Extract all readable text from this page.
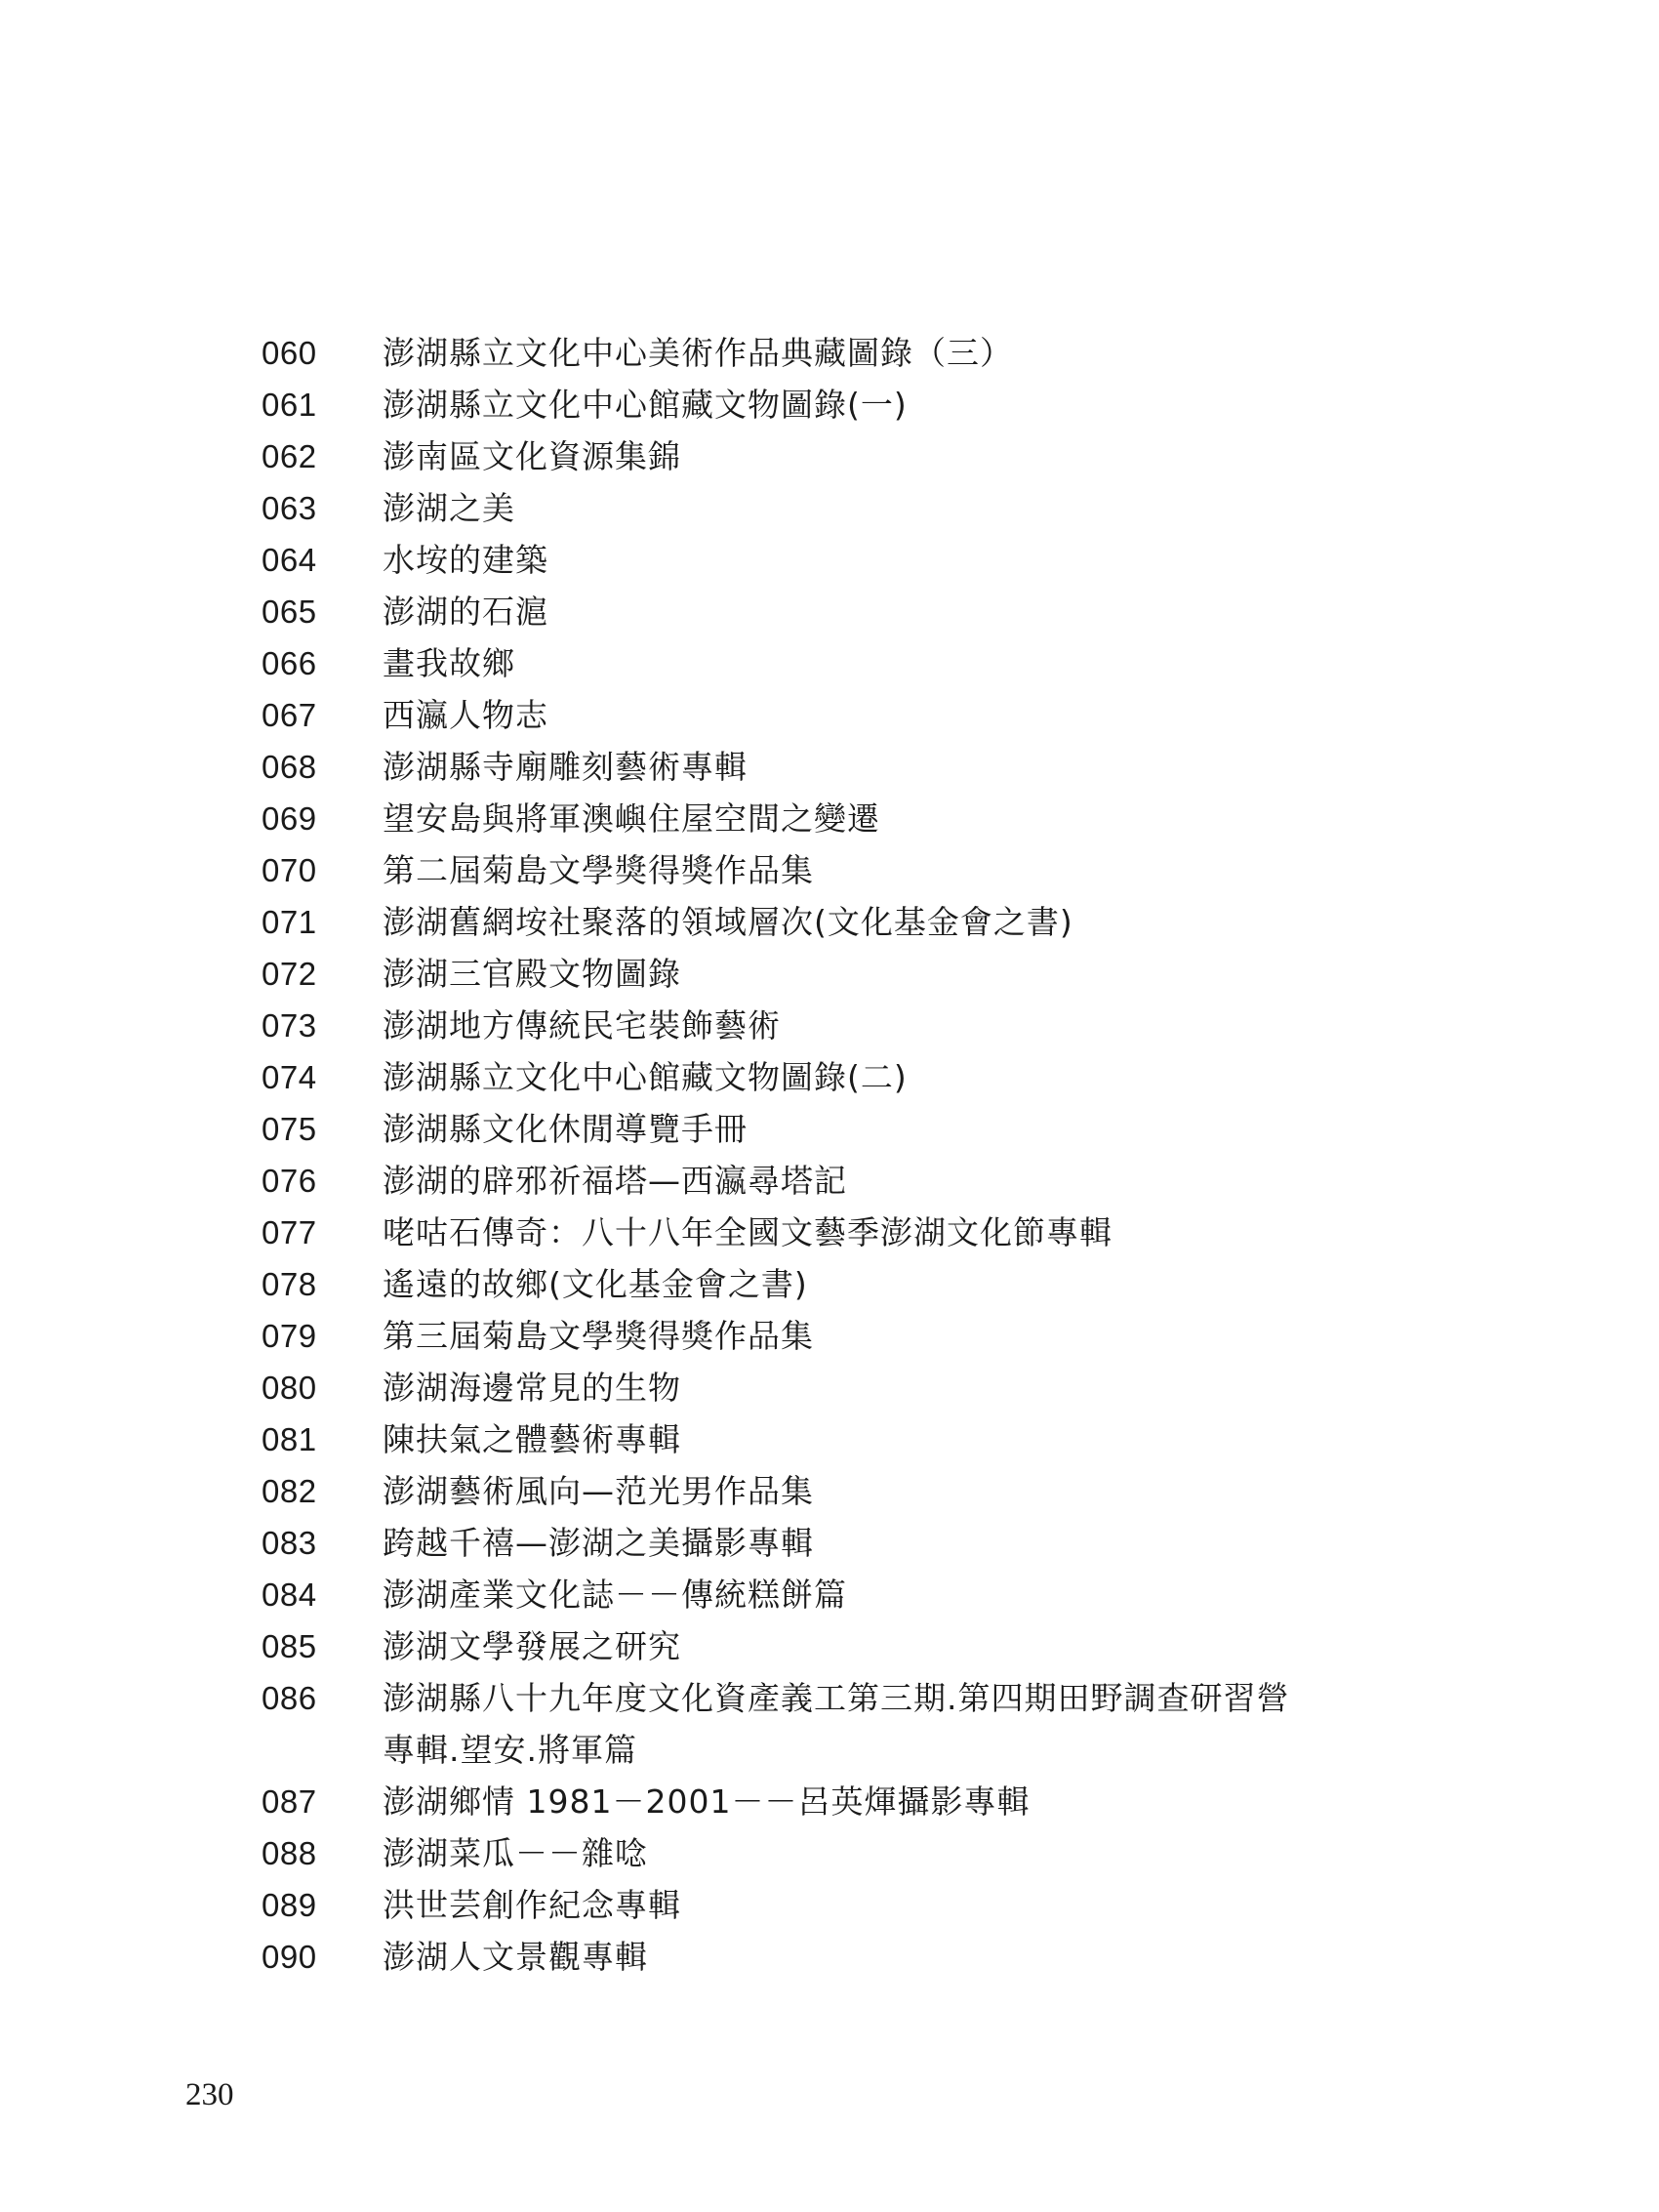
060	澎湖縣立文化中心美術作品典藏圖錄（三）
061	澎湖縣立文化中心館藏文物圖錄(一)
062	澎南區文化資源集錦
063	澎湖之美
064	水垵的建築
065	澎湖的石滬
066	畫我故鄉
067	西瀛人物志
068	澎湖縣寺廟雕刻藝術專輯
069	望安島與將軍澳嶼住屋空間之變遷
070	第二屆菊島文學獎得獎作品集
071	澎湖舊網垵社聚落的領域層次(文化基金會之書)
072	澎湖三官殿文物圖錄
073	澎湖地方傳統民宅裝飾藝術
074	澎湖縣立文化中心館藏文物圖錄(二)
075	澎湖縣文化休閒導覽手冊
076	澎湖的辟邪祈福塔—西瀛尋塔記
077	咾咕石傳奇：八十八年全國文藝季澎湖文化節專輯
078	遙遠的故鄉(文化基金會之書)
079	第三屆菊島文學獎得獎作品集
080	澎湖海邊常見的生物
081	陳扶氣之體藝術專輯
082	澎湖藝術風向—范光男作品集
083	跨越千禧—澎湖之美攝影專輯
084	澎湖產業文化誌－－傳統糕餅篇
085	澎湖文學發展之研究
086	澎湖縣八十九年度文化資產義工第三期.第四期田野調查研習營專輯.望安.將軍篇
087	澎湖鄉情 1981－2001－－呂英煇攝影專輯
088	澎湖菜瓜－－雜唸
089	洪世芸創作紀念專輯
090	澎湖人文景觀專輯
230
